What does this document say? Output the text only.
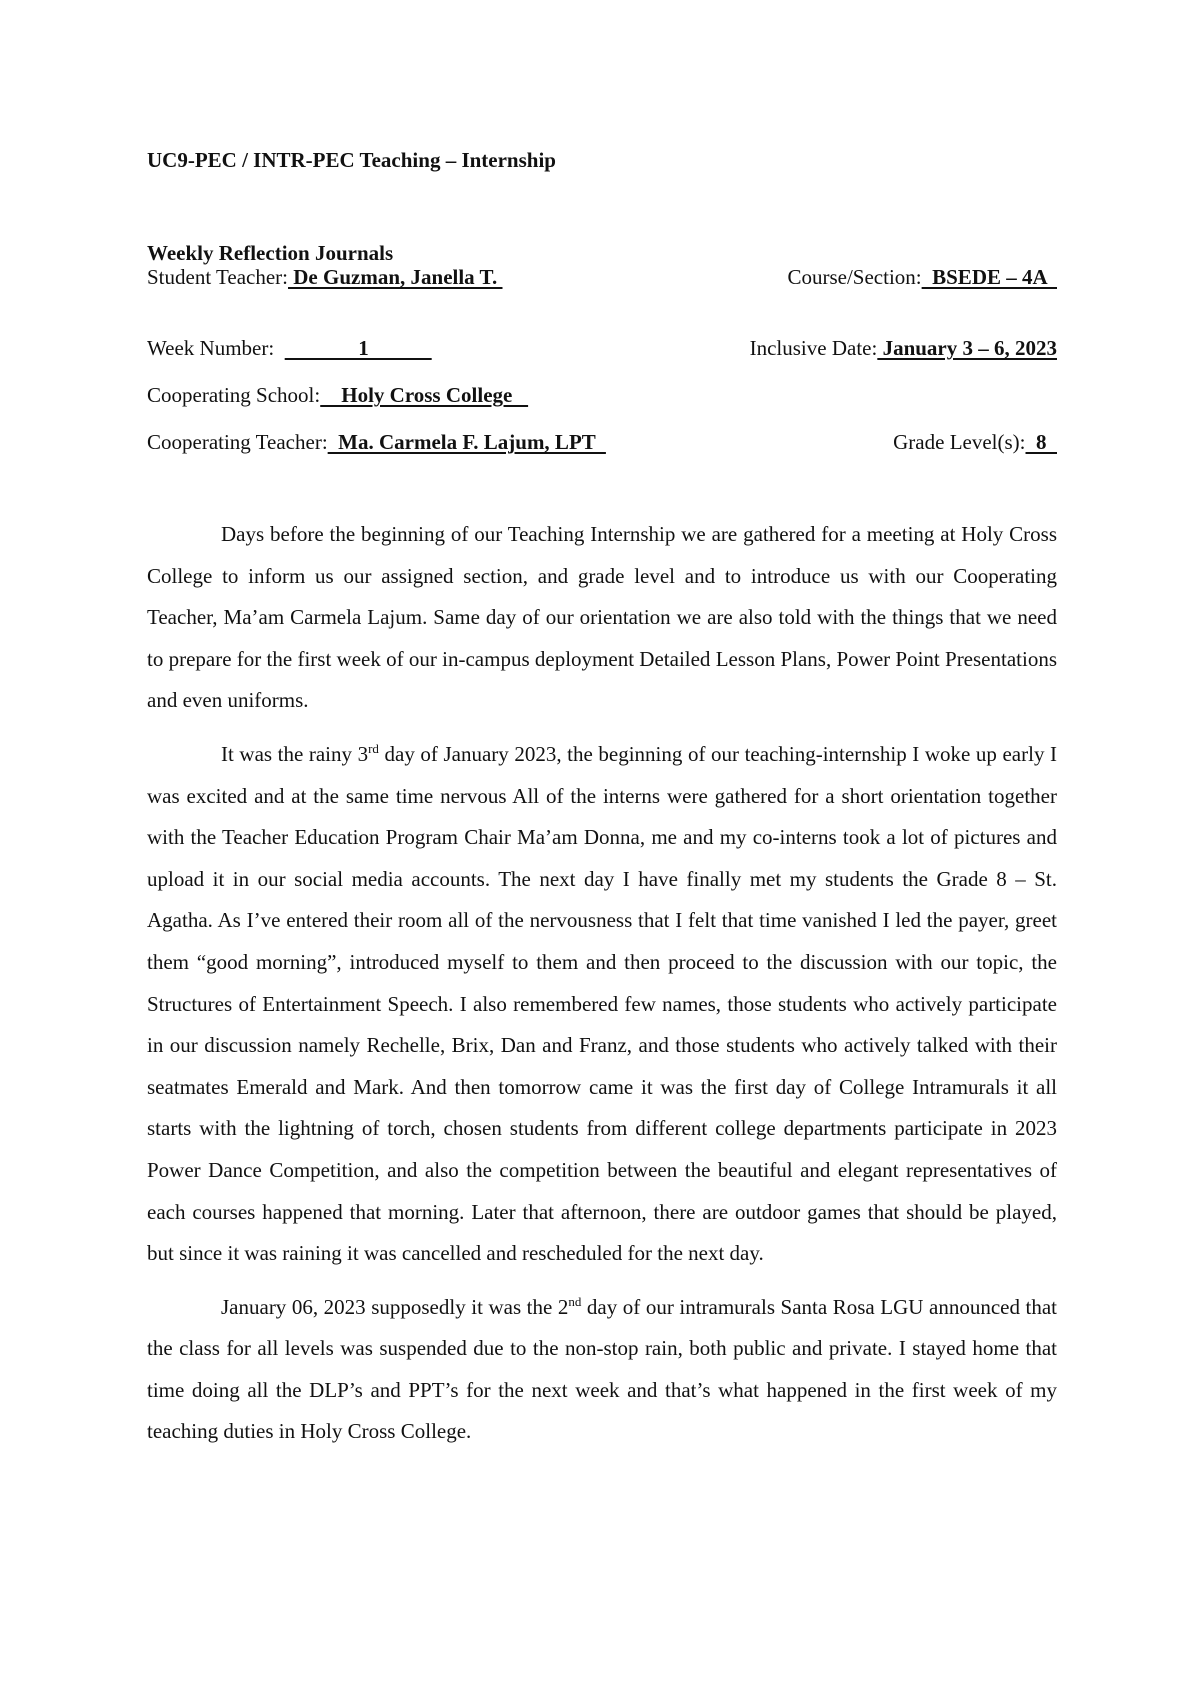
UC9-PEC / INTR-PEC Teaching – Internship
Weekly Reflection Journals
Student Teacher: De Guzman, Janella T.	Course/Section:  BSEDE – 4A
Week Number:                1	Inclusive Date: January 3 – 6, 2023
Cooperating School:    Holy Cross College
Cooperating Teacher:  Ma. Carmela F. Lajum, LPT	Grade Level(s):  8

Days before the beginning of our Teaching Internship we are gathered for a meeting at Holy Cross College to inform us our assigned section, and grade level and to introduce us with our Cooperating Teacher, Ma’am Carmela Lajum. Same day of our orientation we are also told with the things that we need to prepare for the first week of our in-campus deployment Detailed Lesson Plans, Power Point Presentations and even uniforms.

It was the rainy 3rd day of January 2023, the beginning of our teaching-internship I woke up early I was excited and at the same time nervous All of the interns were gathered for a short orientation together with the Teacher Education Program Chair Ma’am Donna, me and my co-interns took a lot of pictures and upload it in our social media accounts. The next day I have finally met my students the Grade 8 – St. Agatha. As I’ve entered their room all of the nervousness that I felt that time vanished I led the payer, greet them “good morning”, introduced myself to them and then proceed to the discussion with our topic, the Structures of Entertainment Speech. I also remembered few names, those students who actively participate in our discussion namely Rechelle, Brix, Dan and Franz, and those students who actively talked with their seatmates Emerald and Mark. And then tomorrow came it was the first day of College Intramurals it all starts with the lightning of torch, chosen students from different college departments participate in 2023 Power Dance Competition, and also the competition between the beautiful and elegant representatives of each courses happened that morning. Later that afternoon, there are outdoor games that should be played, but since it was raining it was cancelled and rescheduled for the next day.

January 06, 2023 supposedly it was the 2nd day of our intramurals Santa Rosa LGU announced that the class for all levels was suspended due to the non-stop rain, both public and private. I stayed home that time doing all the DLP’s and PPT’s for the next week and that’s what happened in the first week of my teaching duties in Holy Cross College.
